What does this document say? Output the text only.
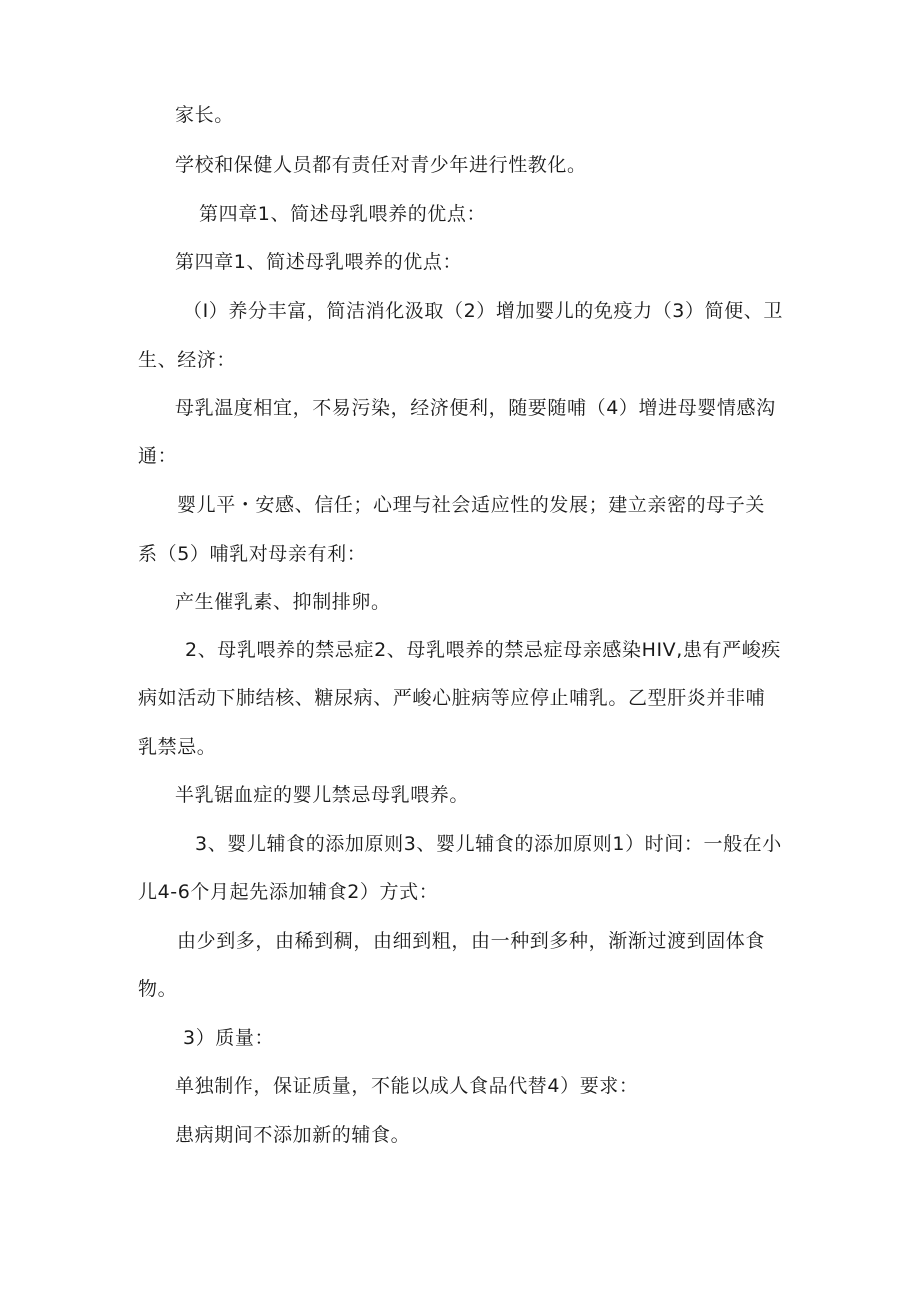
家长。
学校和保健人员都有责任对青少年进行性教化。
第四章1、简述母乳喂养的优点：
第四章1、简述母乳喂养的优点：
（I）养分丰富，简洁消化汲取（2）增加婴儿的免疫力（3）简便、卫
生、经济：
母乳温度相宜，不易污染，经济便利，随要随哺（4）增进母婴情感沟
通：
婴儿平・安感、信任；心理与社会适应性的发展；建立亲密的母子关
系（5）哺乳对母亲有利：
产生催乳素、抑制排卵。
2、母乳喂养的禁忌症2、母乳喂养的禁忌症母亲感染HIV,患有严峻疾
病如活动下肺结核、糖尿病、严峻心脏病等应停止哺乳。乙型肝炎并非哺
乳禁忌。
半乳锯血症的婴儿禁忌母乳喂养。
3、婴儿辅食的添加原则3、婴儿辅食的添加原则1）时间：一般在小
儿4-6个月起先添加辅食2）方式：
由少到多，由稀到稠，由细到粗，由一种到多种，渐渐过渡到固体食
物。
3）质量：
单独制作，保证质量，不能以成人食品代替4）要求：
患病期间不添加新的辅食。
